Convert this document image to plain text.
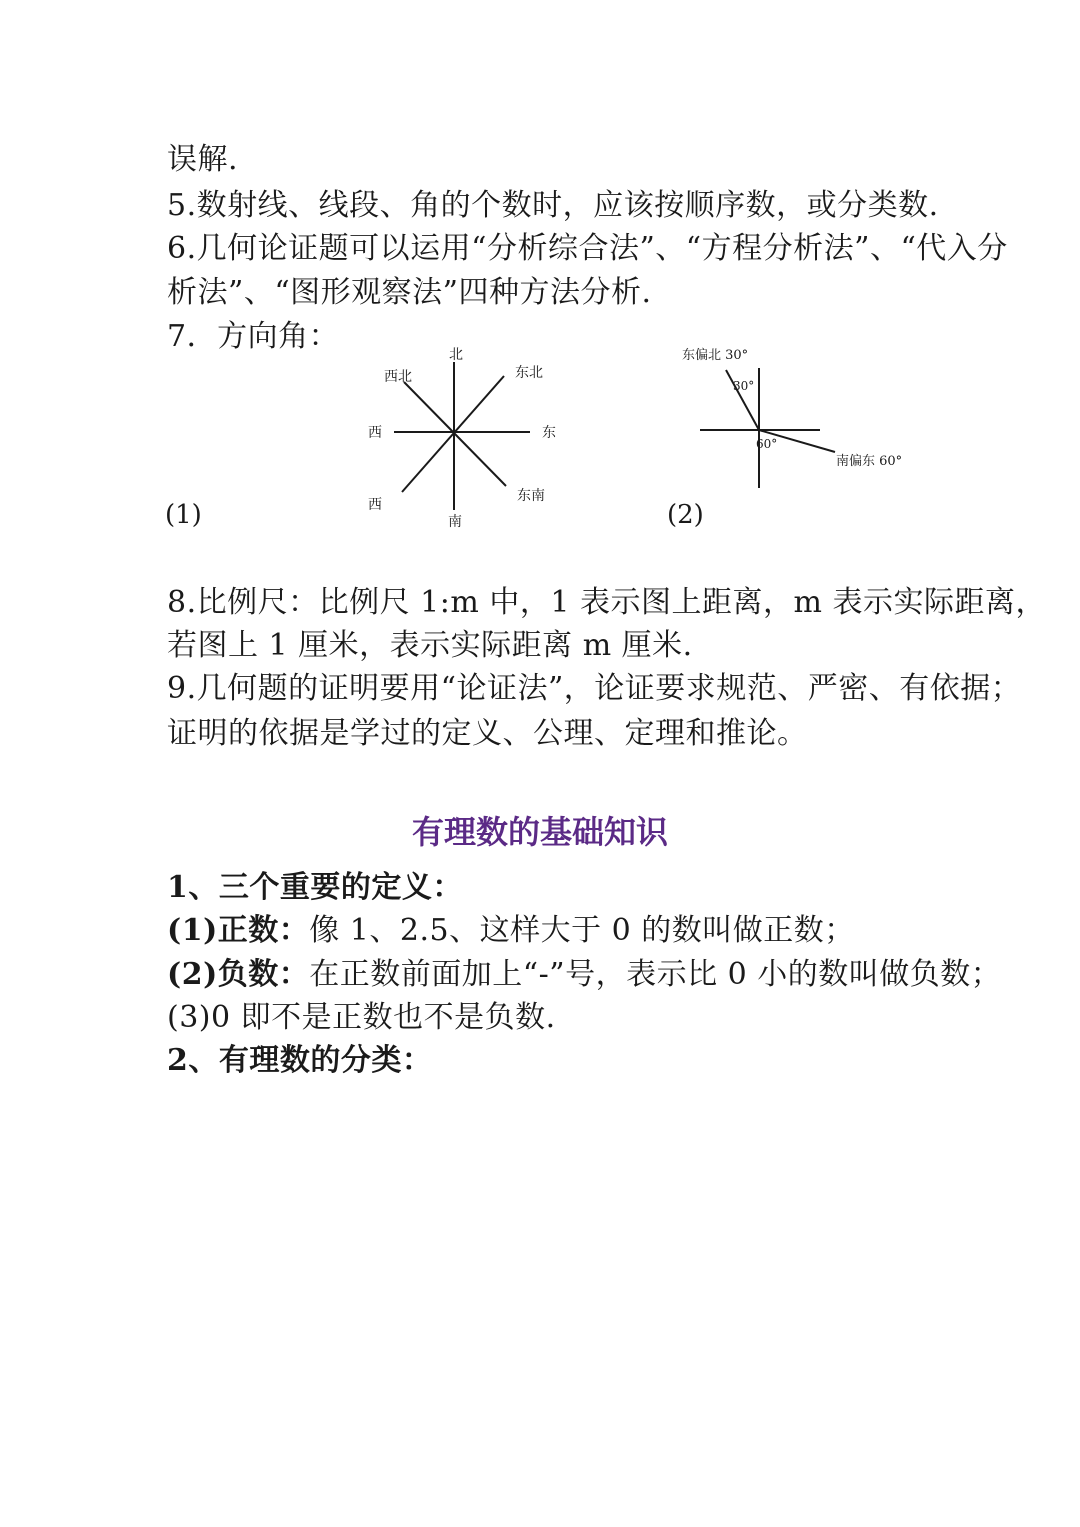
误解.
5.数射线、线段、角的个数时，应该按顺序数，或分类数.
6.几何论证题可以运用“分析综合法”、“方程分析法”、“代入分
析法”、“图形观察法”四种方法分析.
7．方向角：
北
西北	东北
西	东
西
东南
南
(1)
东偏北 30°
30°
60°
南偏东 60°
(2)
8.比例尺：比例尺 1:m 中，1 表示图上距离，m 表示实际距离，
若图上 1 厘米，表示实际距离 m 厘米.
9.几何题的证明要用“论证法”，论证要求规范、严密、有依据；
证明的依据是学过的定义、公理、定理和推论。
有理数的基础知识
1、三个重要的定义：
(1)正数：像 1、2.5、这样大于 0 的数叫做正数；
(2)负数：在正数前面加上“-”号，表示比 0 小的数叫做负数；
(3)0 即不是正数也不是负数.
2、有理数的分类：
